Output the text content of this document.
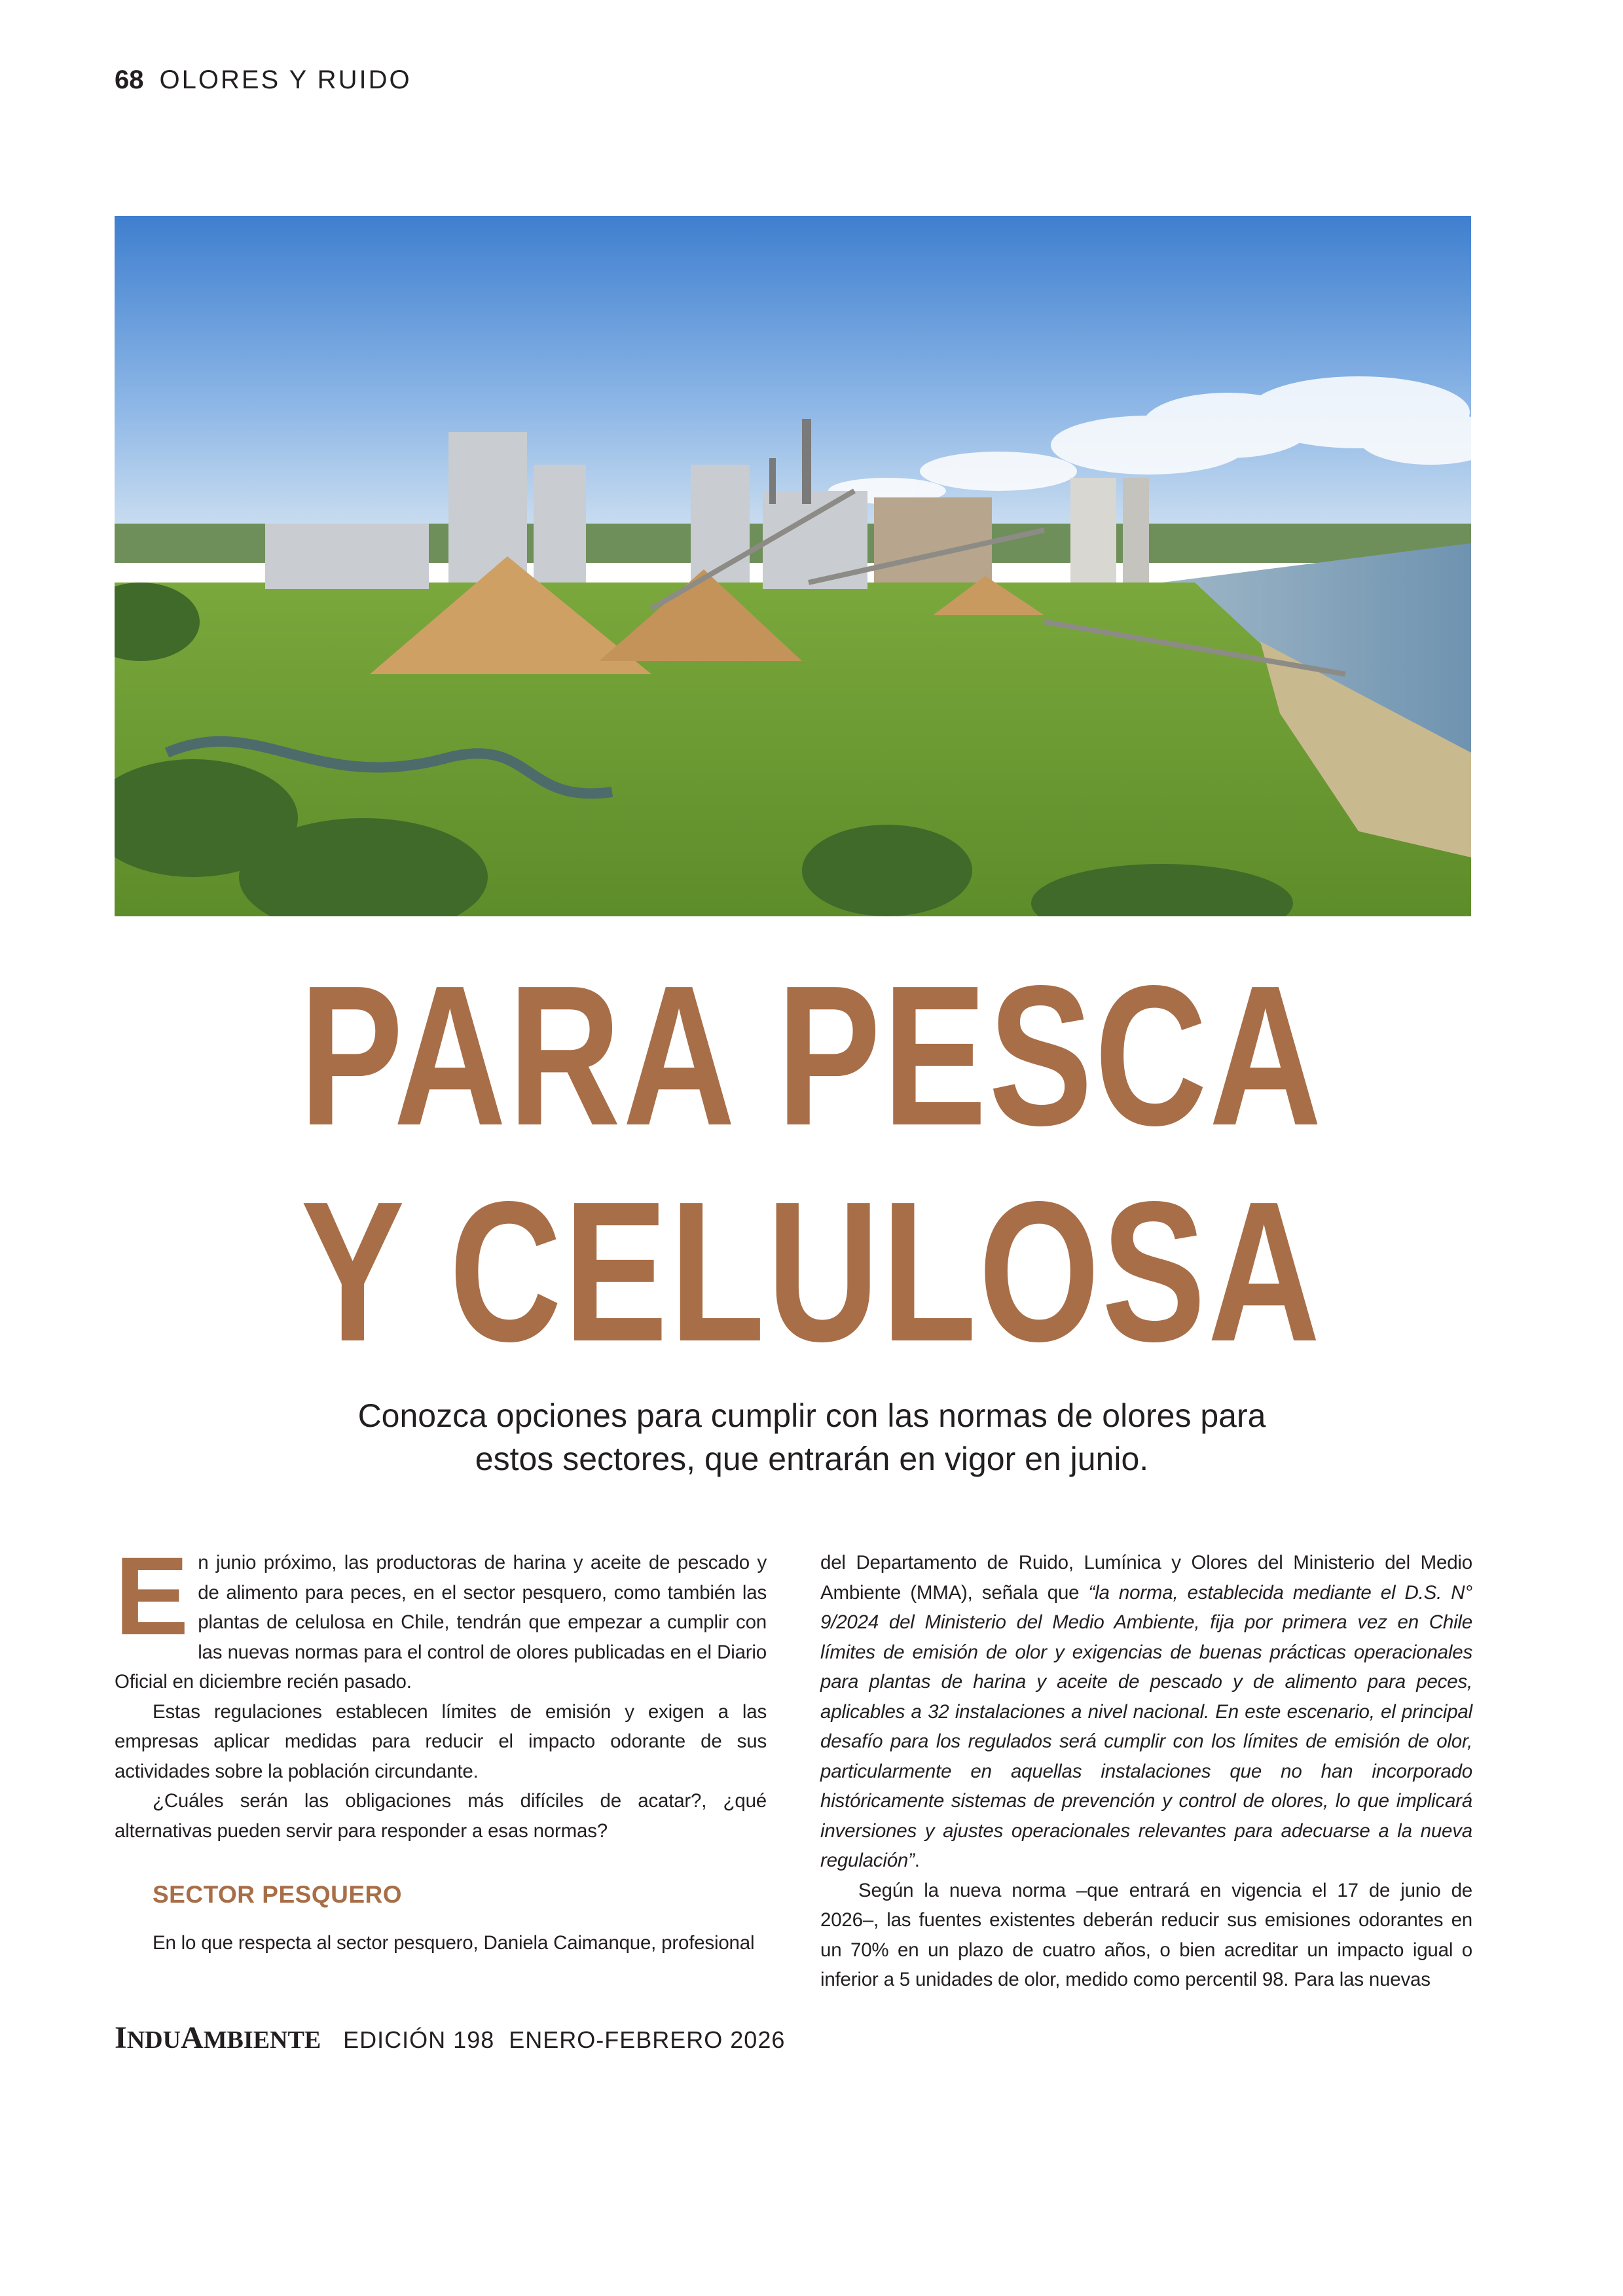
68 OLORES Y RUIDO
PARA PESCA
Y CELULOSA
Conozca opciones para cumplir con las normas de olores para estos sectores, que entrarán en vigor en junio.

En junio próximo, las productoras de harina y aceite de pescado y de alimento para peces, en el sector pesquero, como también las plantas de celulosa en Chile, tendrán que empezar a cumplir con las nuevas normas para el control de olores publicadas en el Diario Oficial en diciembre recién pasado.

Estas regulaciones establecen límites de emisión y exigen a las empresas aplicar medidas para reducir el impacto odorante de sus actividades sobre la población circundante.

¿Cuáles serán las obligaciones más difíciles de acatar?, ¿qué alternativas pueden servir para responder a esas normas?

SECTOR PESQUERO

En lo que respecta al sector pesquero, Daniela Caimanque, profesional

del Departamento de Ruido, Lumínica y Olores del Ministerio del Medio Ambiente (MMA), señala que “la norma, establecida mediante el D.S. N° 9/2024 del Ministerio del Medio Ambiente, fija por primera vez en Chile límites de emisión de olor y exigencias de buenas prácticas operacionales para plantas de harina y aceite de pescado y de alimento para peces, aplicables a 32 instalaciones a nivel nacional. En este escenario, el principal desafío para los regulados será cumplir con los límites de emisión de olor, particularmente en aquellas instalaciones que no han incorporado históricamente sistemas de prevención y control de olores, lo que implicará inversiones y ajustes operacionales relevantes para adecuarse a la nueva regulación”.

Según la nueva norma –que entrará en vigencia el 17 de junio de 2026–, las fuentes existentes deberán reducir sus emisiones odorantes en un 70% en un plazo de cuatro años, o bien acreditar un impacto igual o inferior a 5 unidades de olor, medido como percentil 98. Para las nuevas

INDUAMBIENTE EDICIÓN 198 ENERO-FEBRERO 2026
